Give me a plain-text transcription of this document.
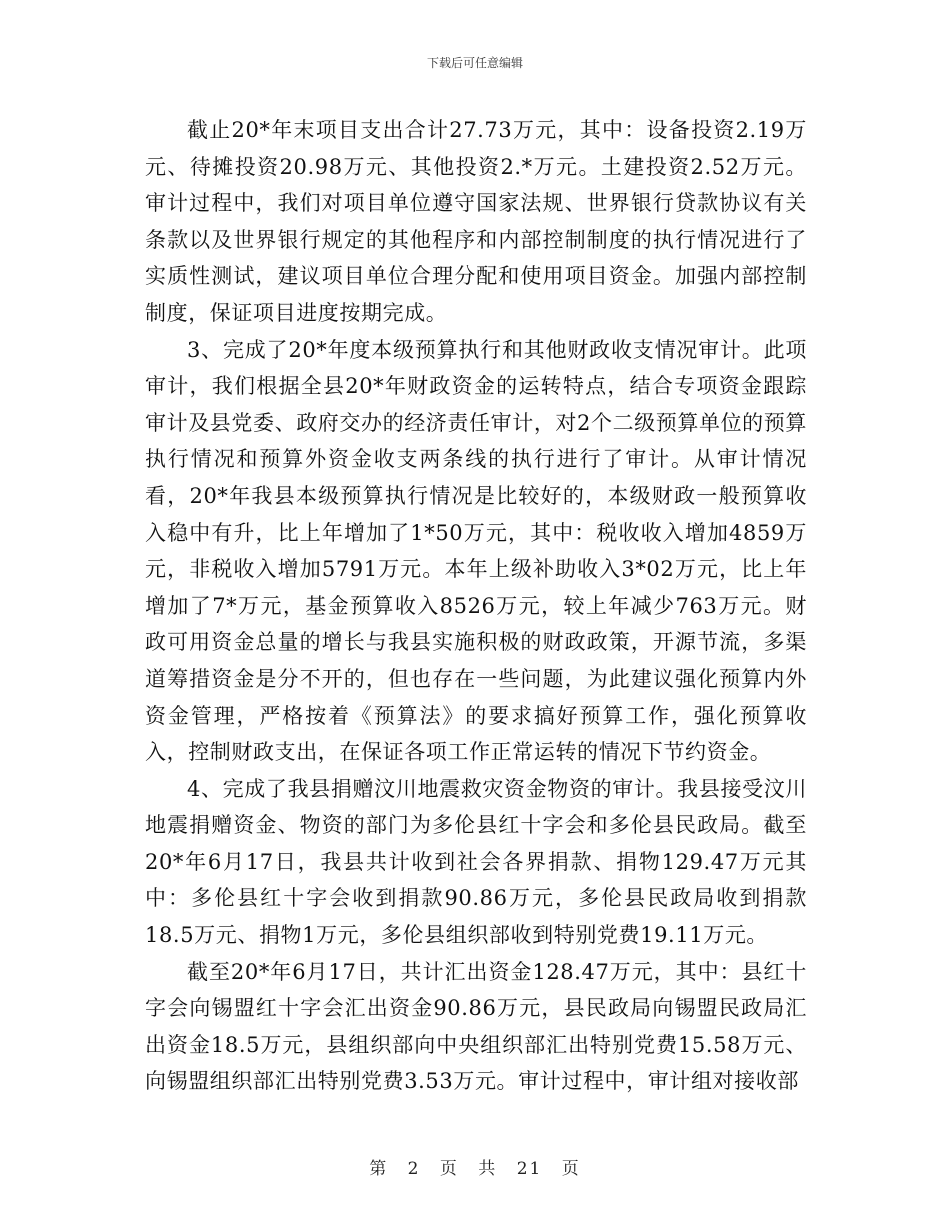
下载后可任意编辑

截止20*年末项目支出合计27.73万元，其中：设备投资2.19万元、待摊投资20.98万元、其他投资2.*万元。土建投资2.52万元。审计过程中，我们对项目单位遵守国家法规、世界银行贷款协议有关条款以及世界银行规定的其他程序和内部控制制度的执行情况进行了实质性测试，建议项目单位合理分配和使用项目资金。加强内部控制制度，保证项目进度按期完成。

3、完成了20*年度本级预算执行和其他财政收支情况审计。此项审计，我们根据全县20*年财政资金的运转特点，结合专项资金跟踪审计及县党委、政府交办的经济责任审计，对2个二级预算单位的预算执行情况和预算外资金收支两条线的执行进行了审计。从审计情况看，20*年我县本级预算执行情况是比较好的，本级财政一般预算收入稳中有升，比上年增加了1*50万元，其中：税收收入增加4859万元，非税收入增加5791万元。本年上级补助收入3*02万元，比上年增加了7*万元，基金预算收入8526万元，较上年减少763万元。财政可用资金总量的增长与我县实施积极的财政政策，开源节流，多渠道筹措资金是分不开的，但也存在一些问题，为此建议强化预算内外资金管理，严格按着《预算法》的要求搞好预算工作，强化预算收入，控制财政支出，在保证各项工作正常运转的情况下节约资金。

4、完成了我县捐赠汶川地震救灾资金物资的审计。我县接受汶川地震捐赠资金、物资的部门为多伦县红十字会和多伦县民政局。截至20*年6月17日，我县共计收到社会各界捐款、捐物129.47万元其中：多伦县红十字会收到捐款90.86万元，多伦县民政局收到捐款18.5万元、捐物1万元，多伦县组织部收到特别党费19.11万元。

截至20*年6月17日，共计汇出资金128.47万元，其中：县红十字会向锡盟红十字会汇出资金90.86万元，县民政局向锡盟民政局汇出资金18.5万元，县组织部向中央组织部汇出特别党费15.58万元、向锡盟组织部汇出特别党费3.53万元。审计过程中，审计组对接收部

第 2 页 共 21 页
